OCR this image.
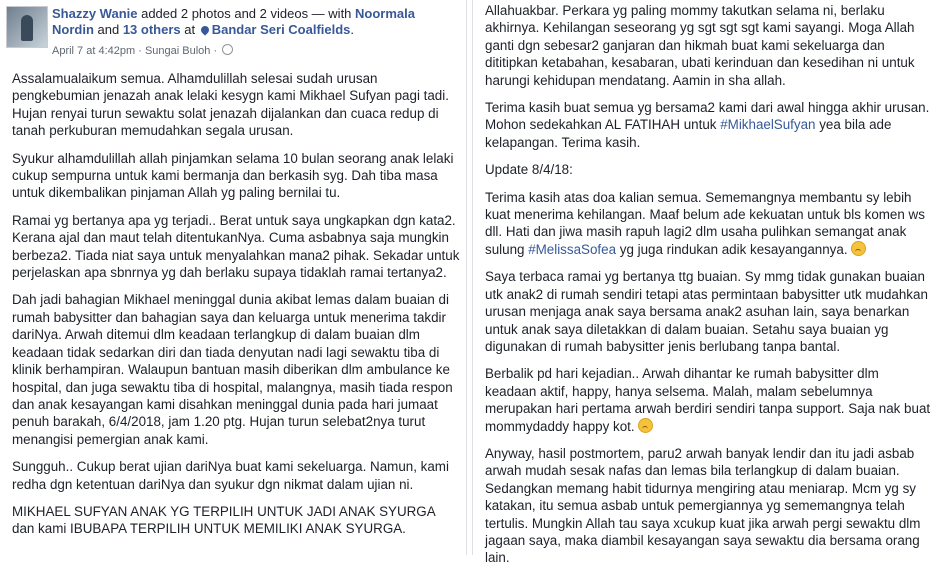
Shazzy Wanie added 2 photos and 2 videos — with Noormala Nordin and 13 others at Bandar Seri Coalfields.
April 7 at 4:42pm · Sungai Buloh ·

Assalamualaikum semua. Alhamdulillah selesai sudah urusan pengkebumian jenazah anak lelaki kesygn kami Mikhael Sufyan pagi tadi. Hujan renyai turun sewaktu solat jenazah dijalankan dan cuaca redup di tanah perkuburan memudahkan segala urusan.

Syukur alhamdulillah allah pinjamkan selama 10 bulan seorang anak lelaki cukup sempurna untuk kami bermanja dan berkasih syg. Dah tiba masa untuk dikembalikan pinjaman Allah yg paling bernilai tu.

Ramai yg bertanya apa yg terjadi.. Berat untuk saya ungkapkan dgn kata2. Kerana ajal dan maut telah ditentukanNya. Cuma asbabnya saja mungkin berbeza2. Tiada niat saya untuk menyalahkan mana2 pihak. Sekadar untuk perjelaskan apa sbnrnya yg dah berlaku supaya tidaklah ramai tertanya2.

Dah jadi bahagian Mikhael meninggal dunia akibat lemas dalam buaian di rumah babysitter dan bahagian saya dan keluarga untuk menerima takdir dariNya. Arwah ditemui dlm keadaan terlangkup di dalam buaian dlm keadaan tidak sedarkan diri dan tiada denyutan nadi lagi sewaktu tiba di klinik berhampiran. Walaupun bantuan masih diberikan dlm ambulance ke hospital, dan juga sewaktu tiba di hospital, malangnya, masih tiada respon dan anak kesayangan kami disahkan meninggal dunia pada hari jumaat penuh barakah, 6/4/2018, jam 1.20 ptg. Hujan turun selebat2nya turut menangisi pemergian anak kami.

Sungguh.. Cukup berat ujian dariNya buat kami sekeluarga. Namun, kami redha dgn ketentuan dariNya dan syukur dgn nikmat dalam ujian ni.

MIKHAEL SUFYAN ANAK YG TERPILIH UNTUK JADI ANAK SYURGA dan kami IBUBAPA TERPILIH UNTUK MEMILIKI ANAK SYURGA.

Allahuakbar. Perkara yg paling mommy takutkan selama ni, berlaku akhirnya. Kehilangan seseorang yg sgt sgt sgt kami sayangi. Moga Allah ganti dgn sebesar2 ganjaran dan hikmah buat kami sekeluarga dan dititipkan ketabahan, kesabaran, ubati kerinduan dan kesedihan ni untuk harungi kehidupan mendatang. Aamin in sha allah.

Terima kasih buat semua yg bersama2 kami dari awal hingga akhir urusan. Mohon sedekahkan AL FATIHAH untuk #MikhaelSufyan yea bila ade kelapangan. Terima kasih.

Update 8/4/18:

Terima kasih atas doa kalian semua. Sememangnya membantu sy lebih kuat menerima kehilangan. Maaf belum ade kekuatan untuk bls komen ws dll. Hati dan jiwa masih rapuh lagi2 dlm usaha pulihkan semangat anak sulung #MelissaSofea yg juga rindukan adik kesayangannya.

Saya terbaca ramai yg bertanya ttg buaian. Sy mmg tidak gunakan buaian utk anak2 di rumah sendiri tetapi atas permintaan babysitter utk mudahkan urusan menjaga anak saya bersama anak2 asuhan lain, saya benarkan untuk anak saya diletakkan di dalam buaian. Setahu saya buaian yg digunakan di rumah babysitter jenis berlubang tanpa bantal.

Berbalik pd hari kejadian.. Arwah dihantar ke rumah babysitter dlm keadaan aktif, happy, hanya selsema. Malah, malam sebelumnya merupakan hari pertama arwah berdiri sendiri tanpa support. Saja nak buat mommydaddy happy kot.

Anyway, hasil postmortem, paru2 arwah banyak lendir dan itu jadi asbab arwah mudah sesak nafas dan lemas bila terlangkup di dalam buaian. Sedangkan memang habit tidurnya mengiring atau meniarap. Mcm yg sy katakan, itu semua asbab untuk pemergiannya yg sememangnya telah tertulis. Mungkin Allah tau saya xcukup kuat jika arwah pergi sewaktu dlm jagaan saya, maka diambil kesayangan saya sewaktu dia bersama orang lain.
